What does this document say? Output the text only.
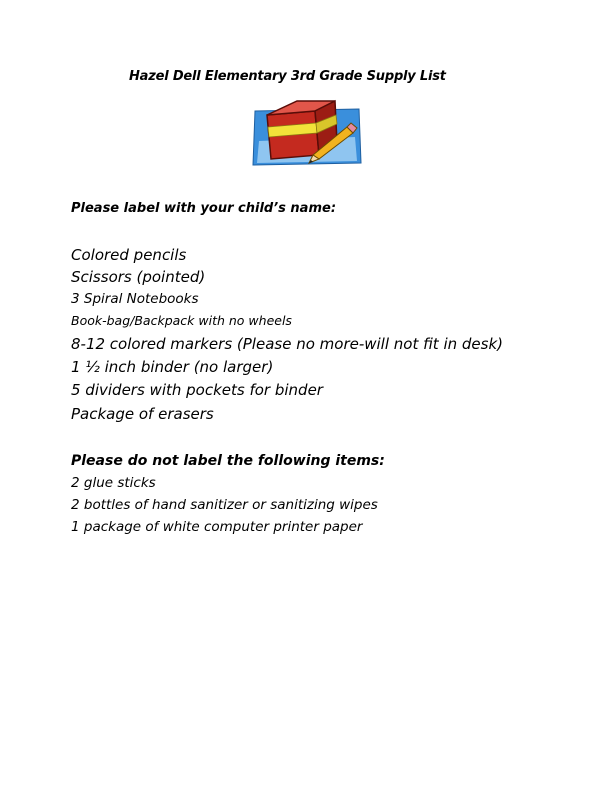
Hazel Dell Elementary 3rd Grade Supply List
Please label with your child’s name:
Colored pencils
Scissors (pointed)
3 Spiral Notebooks
Book-bag/Backpack with no wheels
8-12 colored markers (Please no more-will not fit in desk)
1 ½ inch binder (no larger)
5 dividers with pockets for binder
Package of erasers
Please do not label the following items:
2 glue sticks
2 bottles of hand sanitizer or sanitizing wipes
1 package of white computer printer paper
